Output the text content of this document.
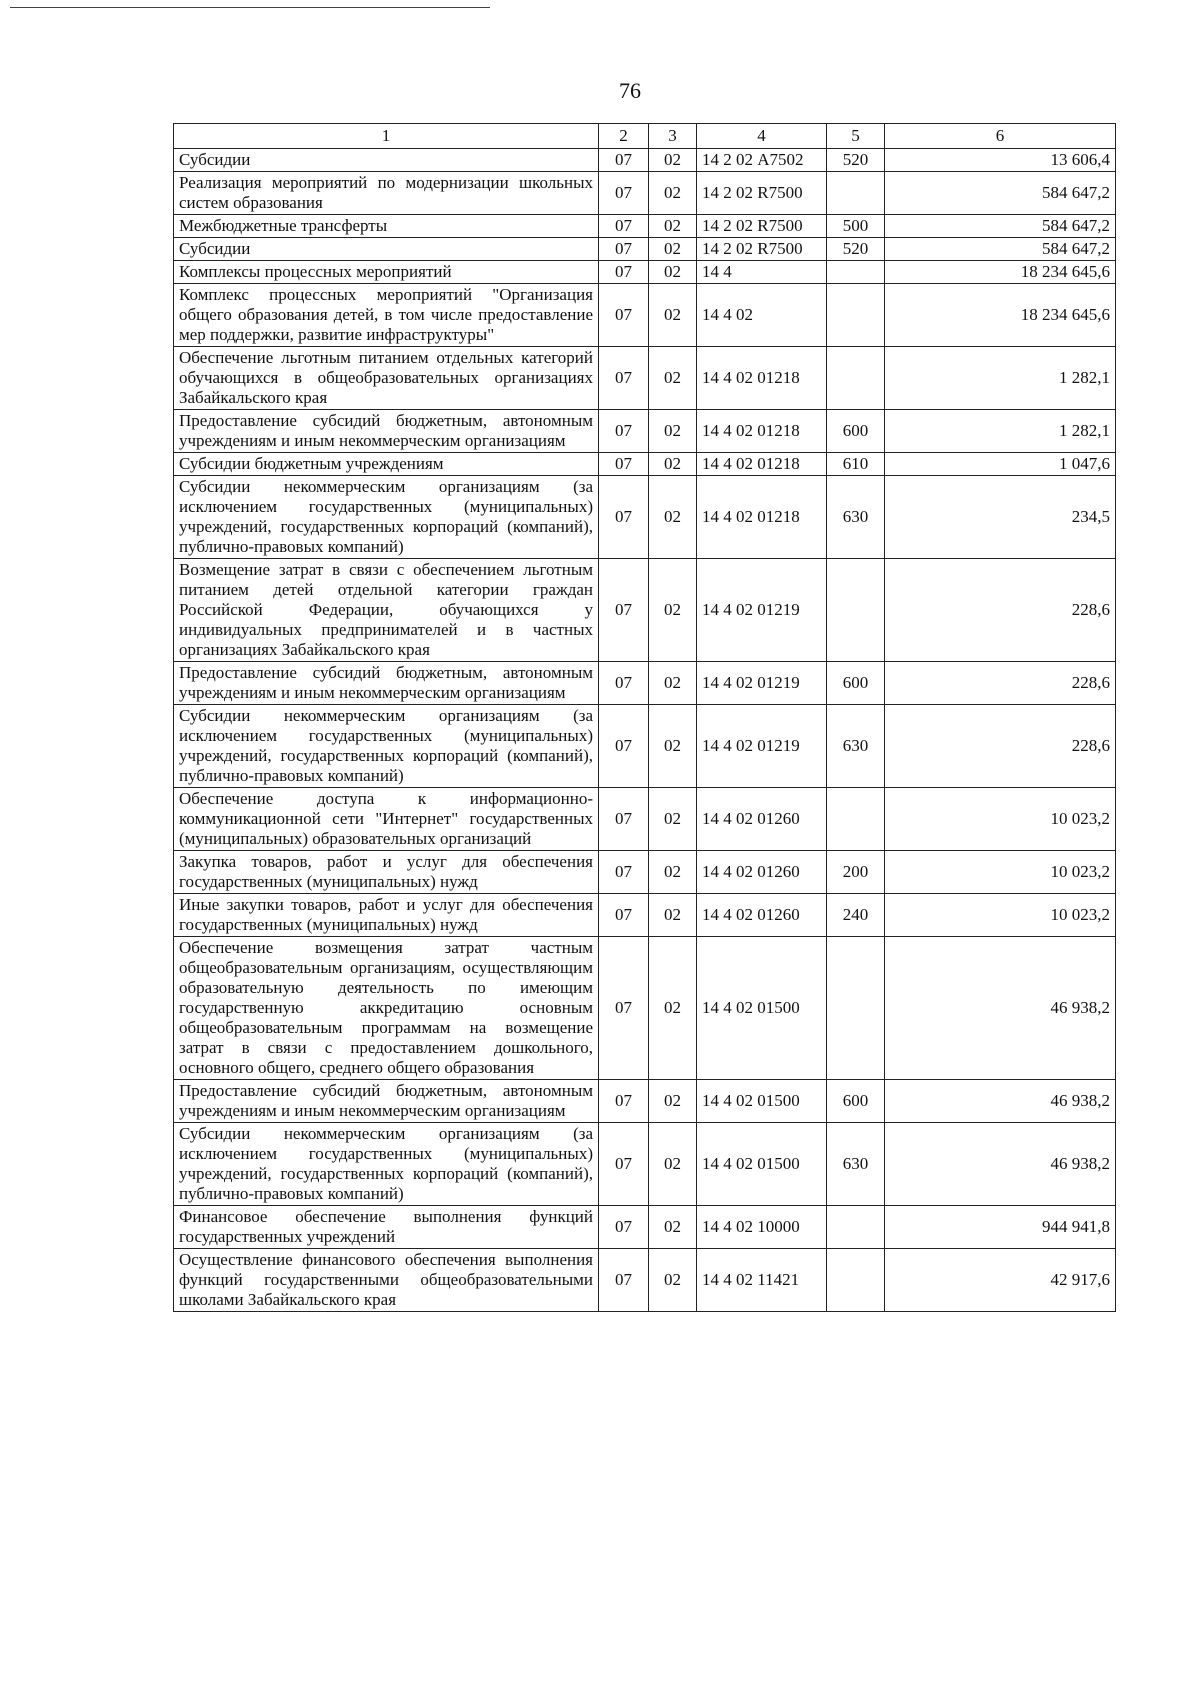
76
1	2	3	4	5	6
Субсидии	07	02	14 2 02 А7502	520	13 606,4
Реализация мероприятий по модернизации школьных систем образования	07	02	14 2 02 R7500		584 647,2
Межбюджетные трансферты	07	02	14 2 02 R7500	500	584 647,2
Субсидии	07	02	14 2 02 R7500	520	584 647,2
Комплексы процессных мероприятий	07	02	14 4		18 234 645,6
Комплекс процессных мероприятий "Организация общего образования детей, в том числе предоставление мер поддержки, развитие инфраструктуры"	07	02	14 4 02		18 234 645,6
Обеспечение льготным питанием отдельных категорий обучающихся в общеобразовательных организациях Забайкальского края	07	02	14 4 02 01218		1 282,1
Предоставление субсидий бюджетным, автономным учреждениям и иным некоммерческим организациям	07	02	14 4 02 01218	600	1 282,1
Субсидии бюджетным учреждениям	07	02	14 4 02 01218	610	1 047,6
Субсидии некоммерческим организациям (за исключением государственных (муниципальных) учреждений, государственных корпораций (компаний), публично-правовых компаний)	07	02	14 4 02 01218	630	234,5
Возмещение затрат в связи с обеспечением льготным питанием детей отдельной категории граждан Российской Федерации, обучающихся у индивидуальных предпринимателей и в частных организациях Забайкальского края	07	02	14 4 02 01219		228,6
Предоставление субсидий бюджетным, автономным учреждениям и иным некоммерческим организациям	07	02	14 4 02 01219	600	228,6
Субсидии некоммерческим организациям (за исключением государственных (муниципальных) учреждений, государственных корпораций (компаний), публично-правовых компаний)	07	02	14 4 02 01219	630	228,6
Обеспечение доступа к информационно-коммуникационной сети "Интернет" государственных (муниципальных) образовательных организаций	07	02	14 4 02 01260		10 023,2
Закупка товаров, работ и услуг для обеспечения государственных (муниципальных) нужд	07	02	14 4 02 01260	200	10 023,2
Иные закупки товаров, работ и услуг для обеспечения государственных (муниципальных) нужд	07	02	14 4 02 01260	240	10 023,2
Обеспечение возмещения затрат частным общеобразовательным организациям, осуществляющим образовательную деятельность по имеющим государственную аккредитацию основным общеобразовательным программам на возмещение затрат в связи с предоставлением дошкольного, основного общего, среднего общего образования	07	02	14 4 02 01500		46 938,2
Предоставление субсидий бюджетным, автономным учреждениям и иным некоммерческим организациям	07	02	14 4 02 01500	600	46 938,2
Субсидии некоммерческим организациям (за исключением государственных (муниципальных) учреждений, государственных корпораций (компаний), публично-правовых компаний)	07	02	14 4 02 01500	630	46 938,2
Финансовое обеспечение выполнения функций государственных учреждений	07	02	14 4 02 10000		944 941,8
Осуществление финансового обеспечения выполнения функций государственными общеобразовательными школами Забайкальского края	07	02	14 4 02 11421		42 917,6
